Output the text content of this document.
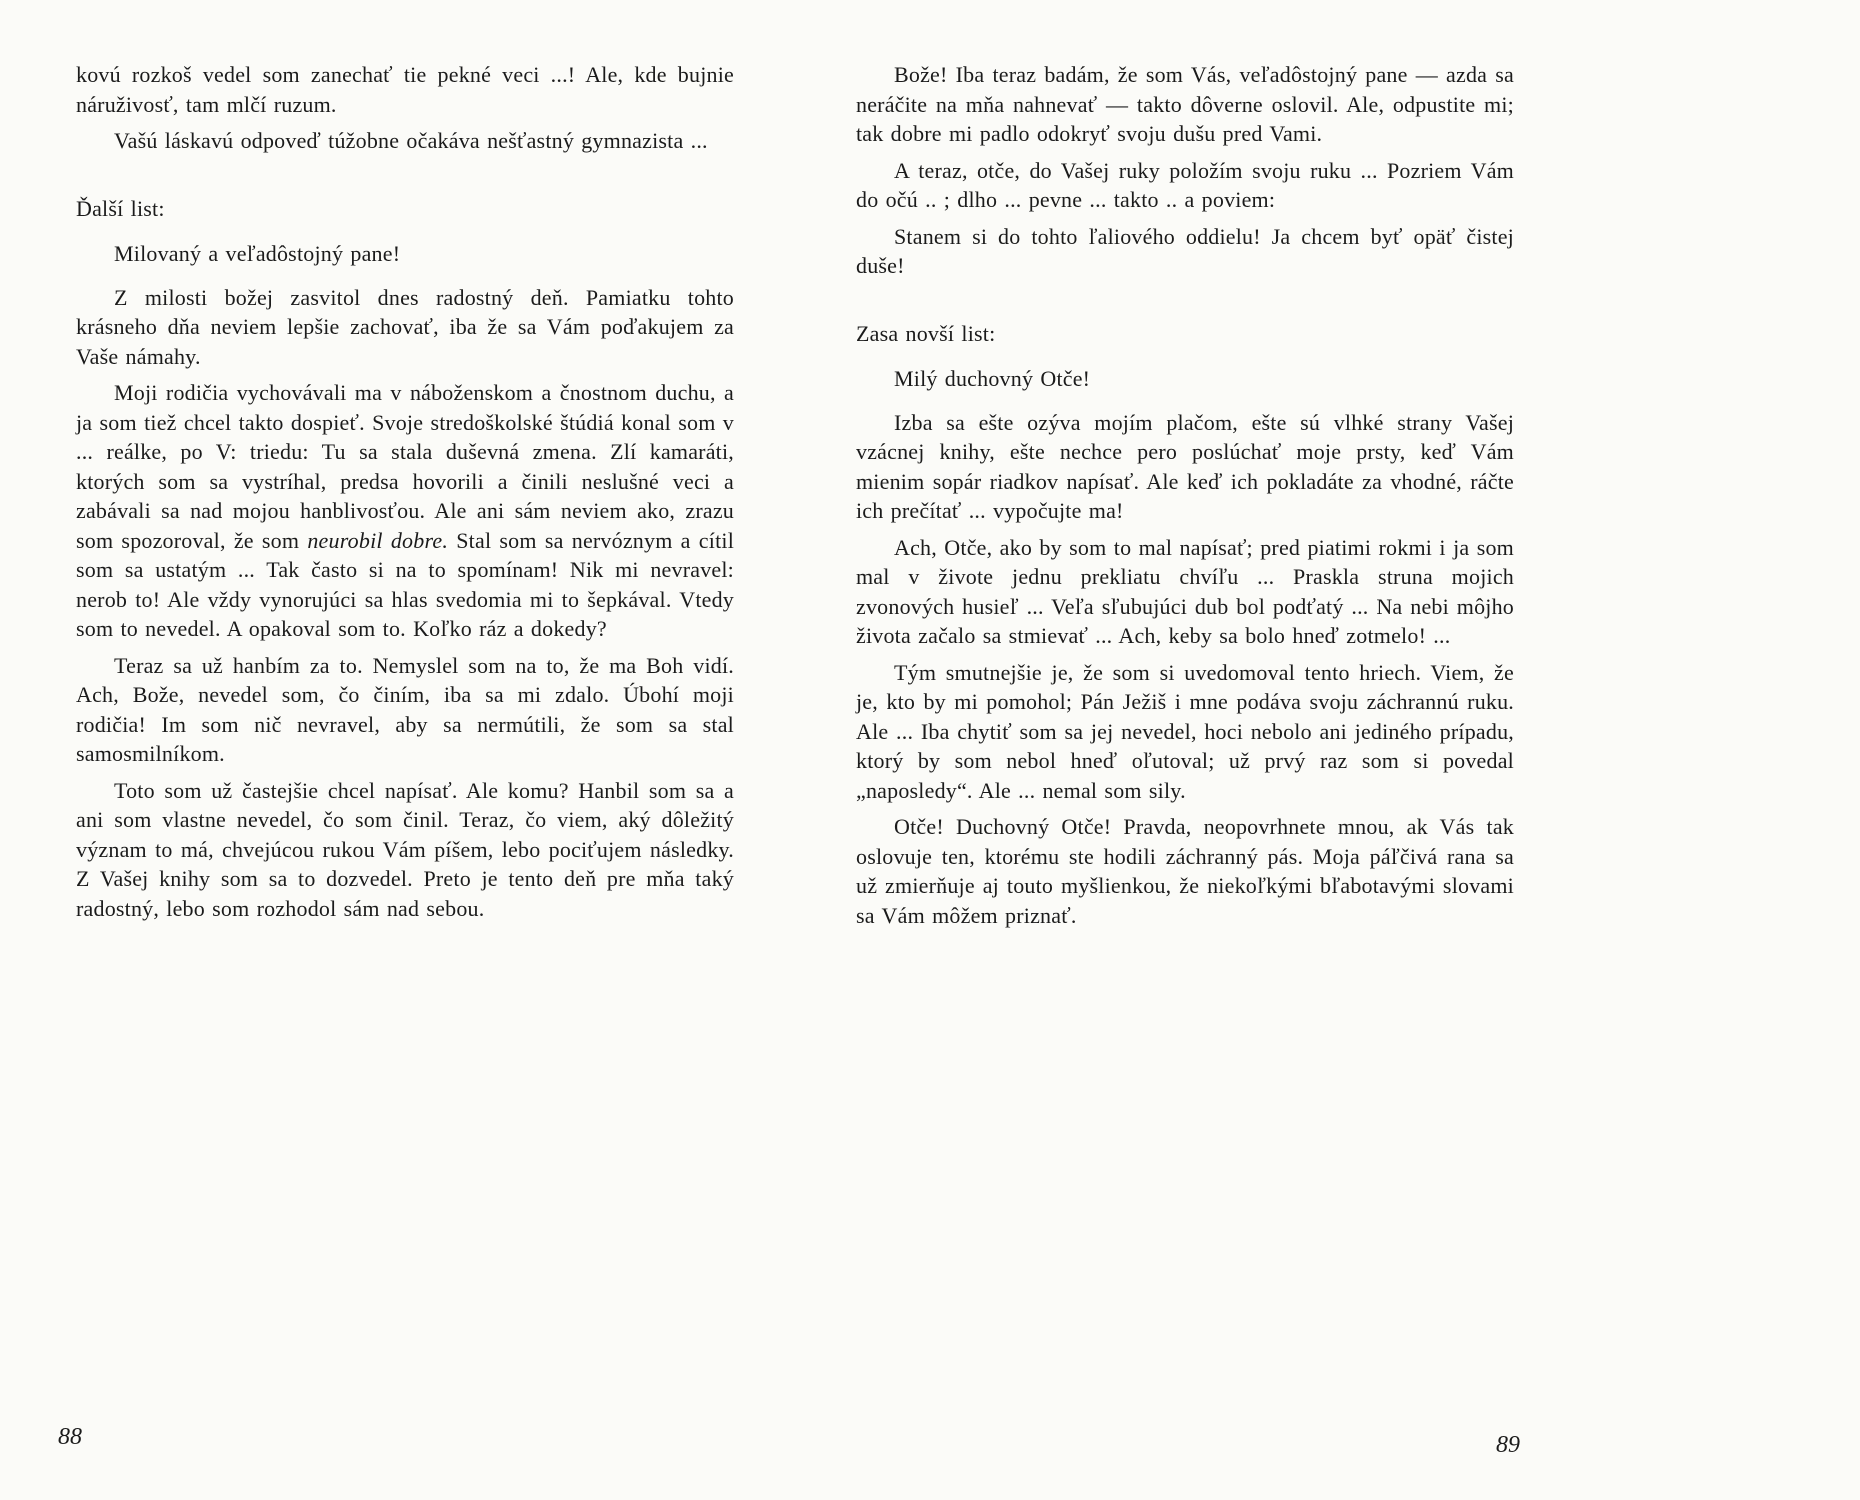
kovú rozkoš vedel som zanechať tie pekné veci ...! Ale, kde bujnie náruživosť, tam mlčí ruzum.

Vašú láskavú odpoveď túžobne očakáva nešťastný gymnazista ...

Ďalší list:

Milovaný a veľadôstojný pane!

Z milosti božej zasvitol dnes radostný deň. Pamiatku tohto krásneho dňa neviem lepšie zachovať, iba že sa Vám poďakujem za Vaše námahy.

Moji rodičia vychovávali ma v náboženskom a čnostnom duchu, a ja som tiež chcel takto dospieť. Svoje stredoškolské štúdiá konal som v ... reálke, po V: triedu: Tu sa stala duševná zmena. Zlí kamaráti, ktorých som sa vystríhal, predsa hovorili a činili neslušné veci a zabávali sa nad mojou hanblivosťou. Ale ani sám neviem ako, zrazu som spozoroval, že som neurobil dobre. Stal som sa nervóznym a cítil som sa ustatým ... Tak často si na to spomínam! Nik mi nevravel: nerob to! Ale vždy vynorujúci sa hlas svedomia mi to šepkával. Vtedy som to nevedel. A opakoval som to. Koľko ráz a dokedy?

Teraz sa už hanbím za to. Nemyslel som na to, že ma Boh vidí. Ach, Bože, nevedel som, čo činím, iba sa mi zdalo. Úbohí moji rodičia! Im som nič nevravel, aby sa nermútili, že som sa stal samosmilníkom.

Toto som už častejšie chcel napísať. Ale komu? Hanbil som sa a ani som vlastne nevedel, čo som činil. Teraz, čo viem, aký dôležitý význam to má, chvejúcou rukou Vám píšem, lebo pociťujem následky. Z Vašej knihy som sa to dozvedel. Preto je tento deň pre mňa taký radostný, lebo som rozhodol sám nad sebou.

Bože! Iba teraz badám, že som Vás, veľadôstojný pane — azda sa neráčite na mňa nahnevať — takto dôverne oslovil. Ale, odpustite mi; tak dobre mi padlo odokryť svoju dušu pred Vami.

A teraz, otče, do Vašej ruky položím svoju ruku ... Pozriem Vám do očú .. ; dlho ... pevne ... takto .. a poviem:

Stanem si do tohto ľaliového oddielu! Ja chcem byť opäť čistej duše!

Zasa novší list:

Milý duchovný Otče!

Izba sa ešte ozýva mojím plačom, ešte sú vlhké strany Vašej vzácnej knihy, ešte nechce pero poslúchať moje prsty, keď Vám mienim sopár riadkov napísať. Ale keď ich pokladáte za vhodné, ráčte ich prečítať ... vypočujte ma!

Ach, Otče, ako by som to mal napísať; pred piatimi rokmi i ja som mal v živote jednu prekliatu chvíľu ... Praskla struna mojich zvonových husieľ ... Veľa sľubujúci dub bol podťatý ... Na nebi môjho života začalo sa stmievať ... Ach, keby sa bolo hneď zotmelo! ...

Tým smutnejšie je, že som si uvedomoval tento hriech. Viem, že je, kto by mi pomohol; Pán Ježiš i mne podáva svoju záchrannú ruku. Ale ... Iba chytiť som sa jej nevedel, hoci nebolo ani jediného prípadu, ktorý by som nebol hneď oľutoval; už prvý raz som si povedal „naposledy“. Ale ... nemal som sily.

Otče! Duchovný Otče! Pravda, neopovrhnete mnou, ak Vás tak oslovuje ten, ktorému ste hodili záchranný pás. Moja páľčivá rana sa už zmierňuje aj touto myšlienkou, že niekoľkými bľabotavými slovami sa Vám môžem priznať.

88	89
